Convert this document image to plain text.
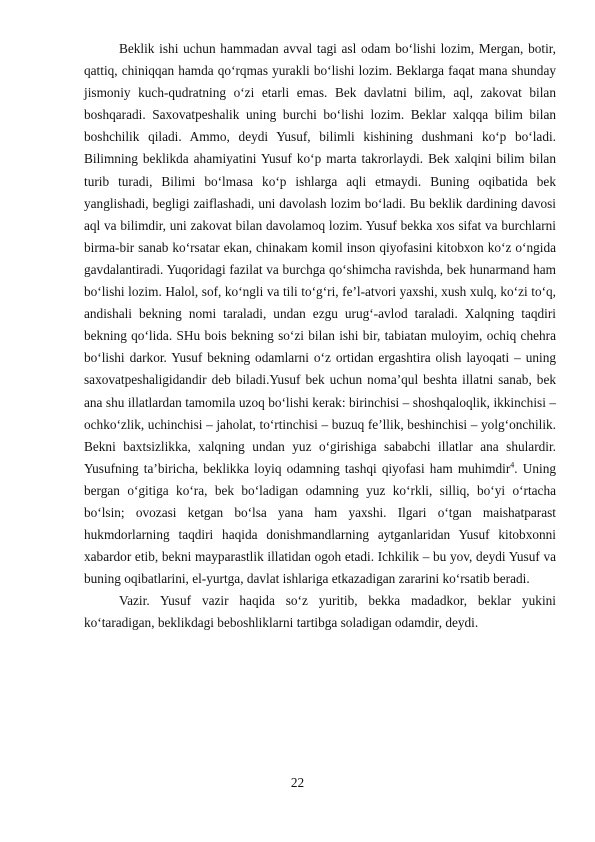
Beklik ishi uchun hammadan avval tagi asl odam bo‘lishi lozim, Mergan, botir, qattiq, chiniqqan hamda qo‘rqmas yurakli bo‘lishi lozim. Beklarga faqat mana shunday jismoniy kuch-qudratning o‘zi etarli emas. Bek davlatni bilim, aql, zakovat bilan boshqaradi. Saxovatpeshalik uning burchi bo‘lishi lozim. Beklar xalqqa bilim bilan boshchilik qiladi. Ammo, deydi Yusuf, bilimli kishining dushmani ko‘p bo‘ladi. Bilimning beklikda ahamiyatini Yusuf ko‘p marta takrorlaydi. Bek xalqini bilim bilan turib turadi, Bilimi bo‘lmasa ko‘p ishlarga aqli etmaydi. Buning oqibatida bek yanglishadi, begligi zaiflashadi, uni davolash lozim bo‘ladi. Bu beklik dardining davosi aql va bilimdir, uni zakovat bilan davolamoq lozim. Yusuf bekka xos sifat va burchlarni birma-bir sanab ko‘rsatar ekan, chinakam komil inson qiyofasini kitobxon ko‘z o‘ngida gavdalantiradi. Yuqoridagi fazilat va burchga qo‘shimcha ravishda, bek hunarmand ham bo‘lishi lozim. Halol, sof, ko‘ngli va tili to‘g‘ri, fe’l-atvori yaxshi, xush xulq, ko‘zi to‘q, andishali bekning nomi taraladi, undan ezgu urug‘-avlod taraladi. Xalqning taqdiri bekning qo‘lida. SHu bois bekning so‘zi bilan ishi bir, tabiatan muloyim, ochiq chehra bo‘lishi darkor. Yusuf bekning odamlarni o‘z ortidan ergashtira olish layoqati – uning saxovatpeshaligidandir deb biladi.Yusuf bek uchun noma’qul beshta illatni sanab, bek ana shu illatlardan tamomila uzoq bo‘lishi kerak: birinchisi – shoshqaloqlik, ikkinchisi – ochko‘zlik, uchinchisi – jaholat, to‘rtinchisi – buzuq fe’llik, beshinchisi – yolg‘onchilik. Bekni baxtsizlikka, xalqning undan yuz o‘girishiga sababchi illatlar ana shulardir. Yusufning ta’biricha, beklikka loyiq odamning tashqi qiyofasi ham muhimdir$^4$. Uning bergan o‘gitiga ko‘ra, bek bo‘ladigan odamning yuz ko‘rkli, silliq, bo‘yi o‘rtacha bo‘lsin; ovozasi ketgan bo‘lsa yana ham yaxshi. Ilgari o‘tgan maishatparast hukmdorlarning taqdiri haqida donishmandlarning aytganlaridan Yusuf kitobxonni xabardor etib, bekni mayparastlik illatidan ogoh etadi. Ichkilik – bu yov, deydi Yusuf va buning oqibatlarini, el-yurtga, davlat ishlariga etkazadigan zararini ko‘rsatib beradi.

Vazir. Yusuf vazir haqida so‘z yuritib, bekka madadkor, beklar yukini ko‘taradigan, beklikdagi beboshliklarni tartibga soladigan odamdir, deydi.

22
